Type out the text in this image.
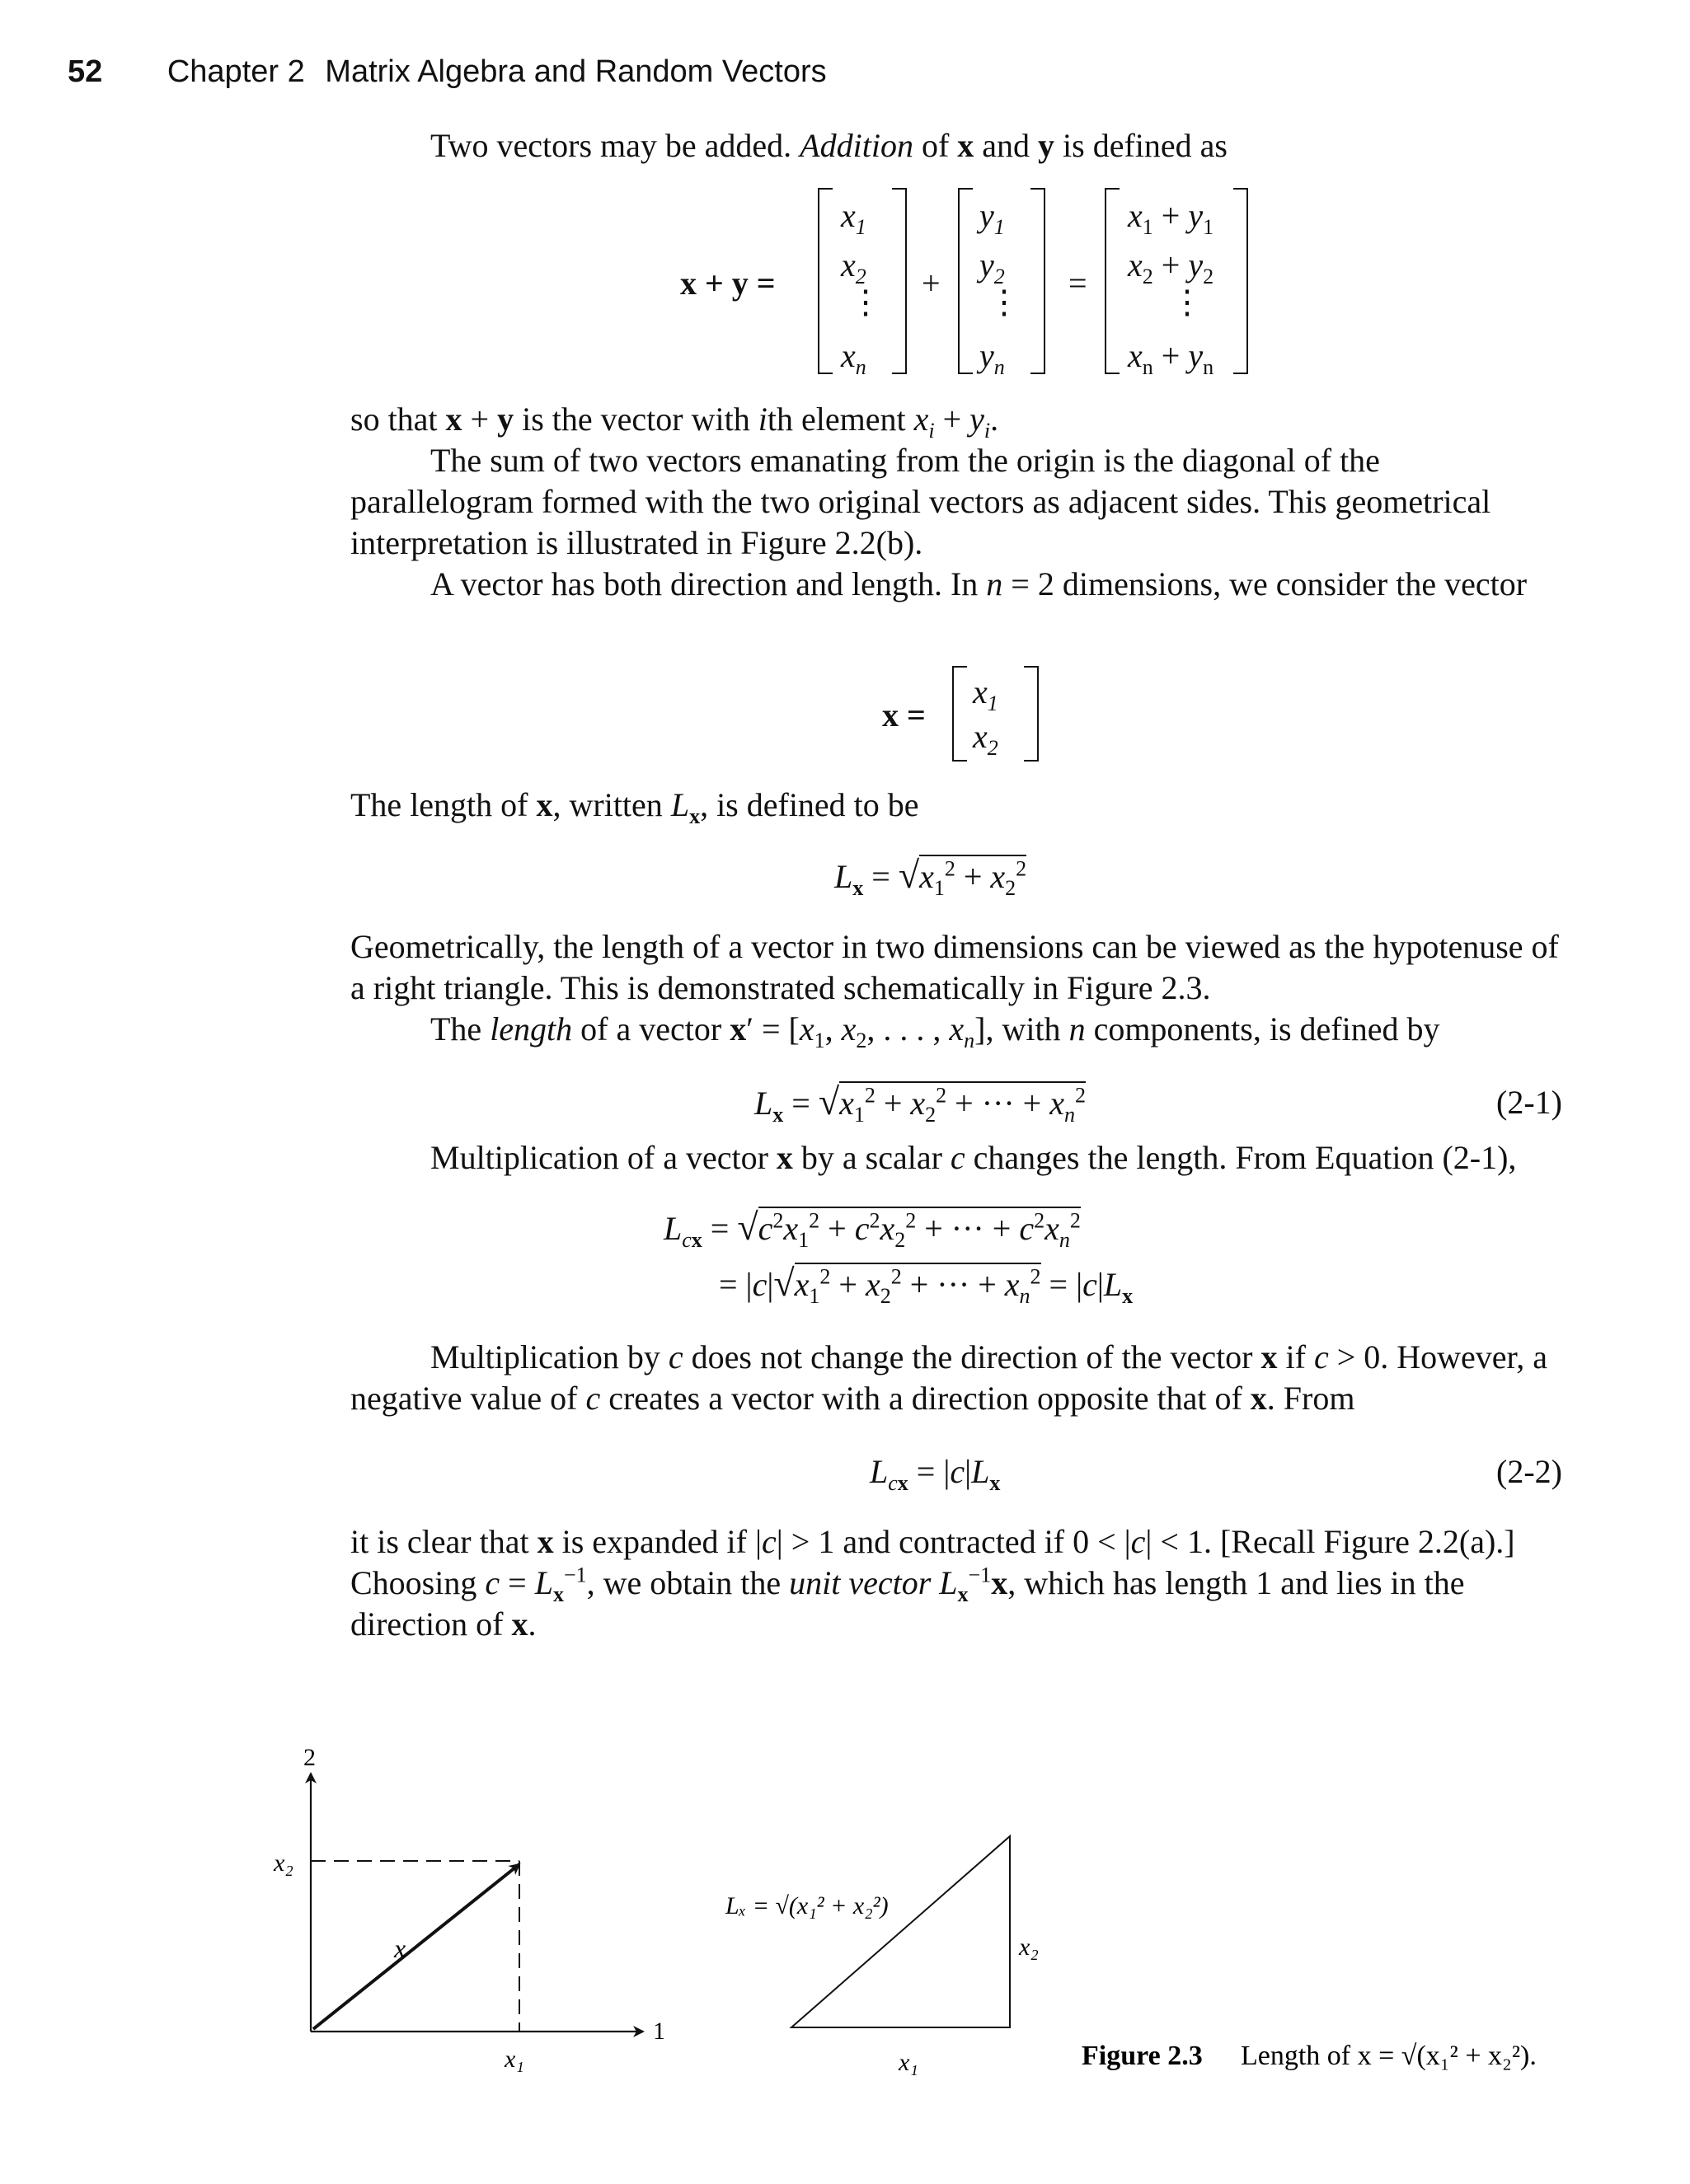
52 Chapter 2 Matrix Algebra and Random Vectors
Two vectors may be added. Addition of x and y is defined as
x + y =
$x_1$
$x_2$
⋮
$x_n$
+
$y_1$
$y_2$
⋮
$y_n$
=
$x_1 + y_1$
$x_2 + y_2$
⋮
$x_n + y_n$
so that x + y is the vector with ith element $x_i + y_i$.
The sum of two vectors emanating from the origin is the diagonal of the parallelogram formed with the two original vectors as adjacent sides. This geometrical interpretation is illustrated in Figure 2.2(b).
A vector has both direction and length. In n = 2 dimensions, we consider the vector
x =
$x_1$
$x_2$
The length of x, written $L_x$, is defined to be
$L_x = √x_1^2 + x_2^2$
Geometrically, the length of a vector in two dimensions can be viewed as the hypotenuse of a right triangle. This is demonstrated schematically in Figure 2.3.
The length of a vector $x' = [x_1$, $x_2$, . . . , $x_n$], with n components, is defined by
$L_x = √x_1^2 + x_2^2$ + ··· + $x_n^2$	(2-1)
Multiplication of a vector x by a scalar c changes the length. From Equation (2-1),
$L_{cx} = √c^2x_1^2 + c^2x_2^2$ + ··· + $c^2x_n^2$
= $|c|√x_1^2 + x_2^2$ + ··· + $x_n^2 = |c|L_x$
Multiplication by c does not change the direction of the vector x if c > 0. However, a negative value of c creates a vector with a direction opposite that of x. From
$L_{cx} = |c|L_x$	(2-2)
it is clear that x is expanded if |c| > 1 and contracted if 0 < |c| < 1. [Recall Figure 2.2(a).] Choosing $c = L_x^{-1}$, we obtain the unit vector $L_x^{-1}x$, which has length 1 and lies in the direction of x.
2
1
x
x₂
x₁
Lₓ = √(x₁² + x₂²)
x₁
x₂
Figure 2.3 Length of x = √(x₁² + x₂²).
